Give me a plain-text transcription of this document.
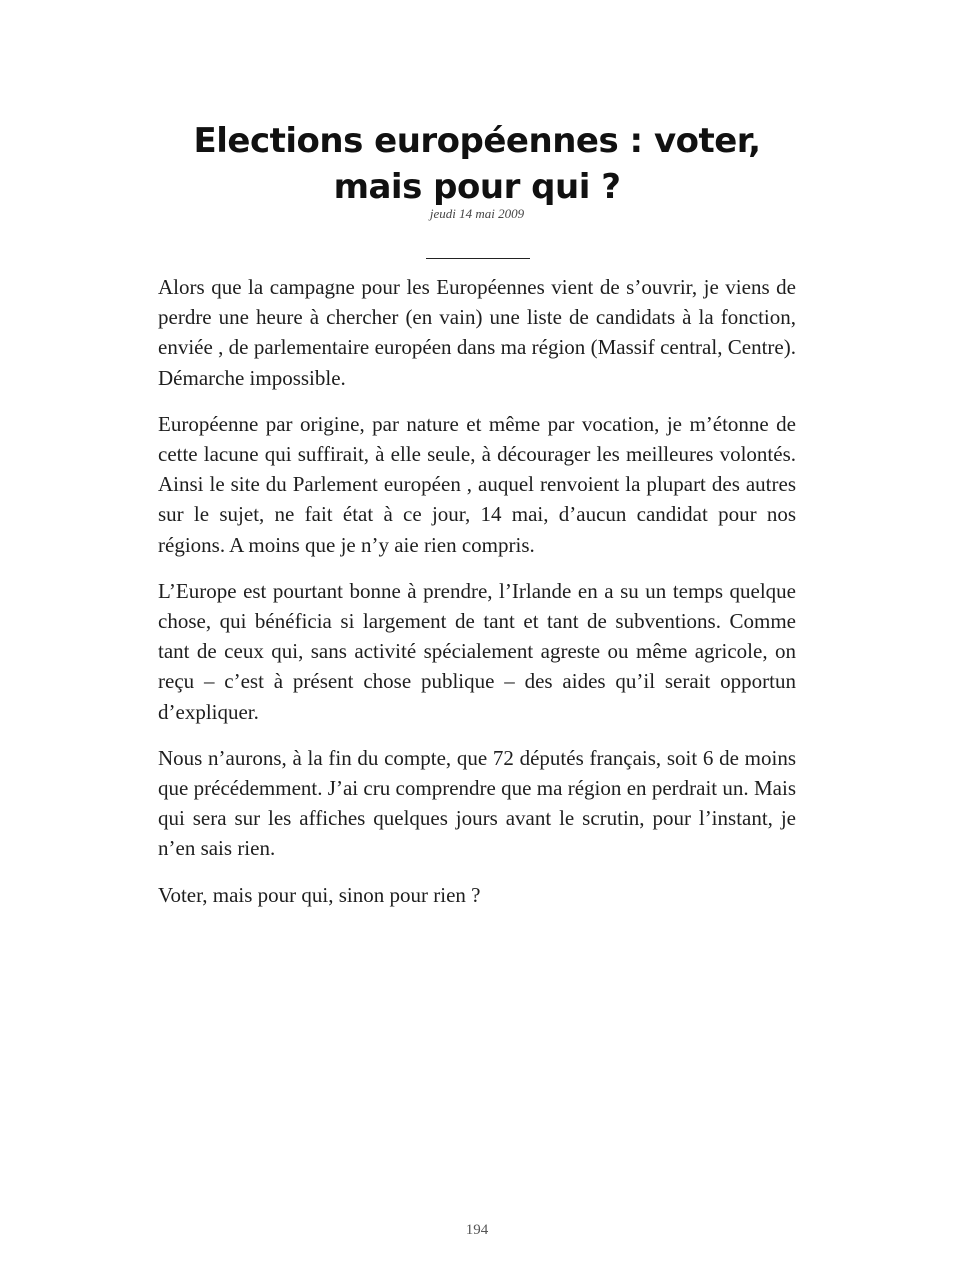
Elections européennes : voter, mais pour qui ?
jeudi 14 mai 2009

Alors que la campagne pour les Européennes vient de s’ouvrir, je viens de perdre une heure à chercher (en vain) une liste de candidats à la fonction, enviée , de parlementaire européen dans ma région (Massif central, Centre). Démarche impossible.

Européenne par origine, par nature et même par vocation, je m’étonne de cette lacune qui suffirait, à elle seule, à décourager les meilleures volontés. Ainsi le site du Parlement européen , auquel renvoient la plupart des autres sur le sujet, ne fait état à ce jour, 14 mai, d’aucun candidat pour nos régions. A moins que je n’y aie rien compris.

L’Europe est pourtant bonne à prendre, l’Irlande en a su un temps quelque chose, qui bénéficia si largement de tant et tant de subventions. Comme tant de ceux qui, sans activité spécialement agreste ou même agricole, on reçu – c’est à présent chose publique – des aides qu’il serait opportun d’expliquer.

Nous n’aurons, à la fin du compte, que 72 députés français, soit 6 de moins que précédemment. J’ai cru comprendre que ma région en perdrait un. Mais qui sera sur les affiches quelques jours avant le scrutin, pour l’instant, je n’en sais rien.

Voter, mais pour qui, sinon pour rien ?

194
